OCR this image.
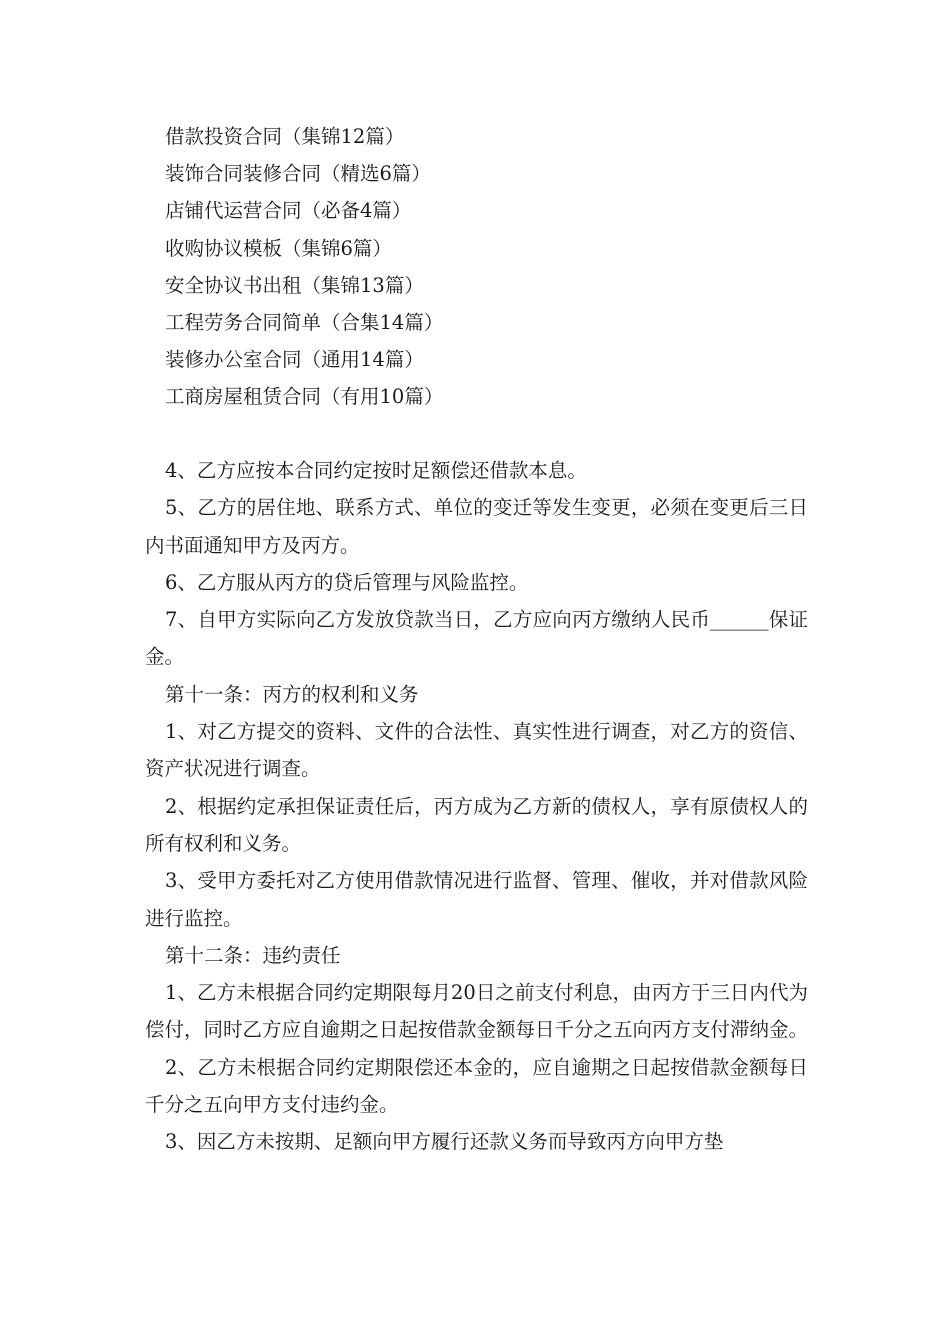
借款投资合同（集锦12篇）
装饰合同装修合同（精选6篇）
店铺代运营合同（必备4篇）
收购协议模板（集锦6篇）
安全协议书出租（集锦13篇）
工程劳务合同简单（合集14篇）
装修办公室合同（通用14篇）
工商房屋租赁合同（有用10篇）

4、乙方应按本合同约定按时足额偿还借款本息。

5、乙方的居住地、联系方式、单位的变迁等发生变更，必须在变更后三日内书面通知甲方及丙方。

6、乙方服从丙方的贷后管理与风险监控。

7、自甲方实际向乙方发放贷款当日，乙方应向丙方缴纳人民币______保证金。

第十一条：丙方的权利和义务

1、对乙方提交的资料、文件的合法性、真实性进行调查，对乙方的资信、资产状况进行调查。

2、根据约定承担保证责任后，丙方成为乙方新的债权人，享有原债权人的所有权利和义务。

3、受甲方委托对乙方使用借款情况进行监督、管理、催收，并对借款风险进行监控。

第十二条：违约责任

1、乙方未根据合同约定期限每月20日之前支付利息，由丙方于三日内代为偿付，同时乙方应自逾期之日起按借款金额每日千分之五向丙方支付滞纳金。

2、乙方未根据合同约定期限偿还本金的，应自逾期之日起按借款金额每日千分之五向甲方支付违约金。

3、因乙方未按期、足额向甲方履行还款义务而导致丙方向甲方垫
